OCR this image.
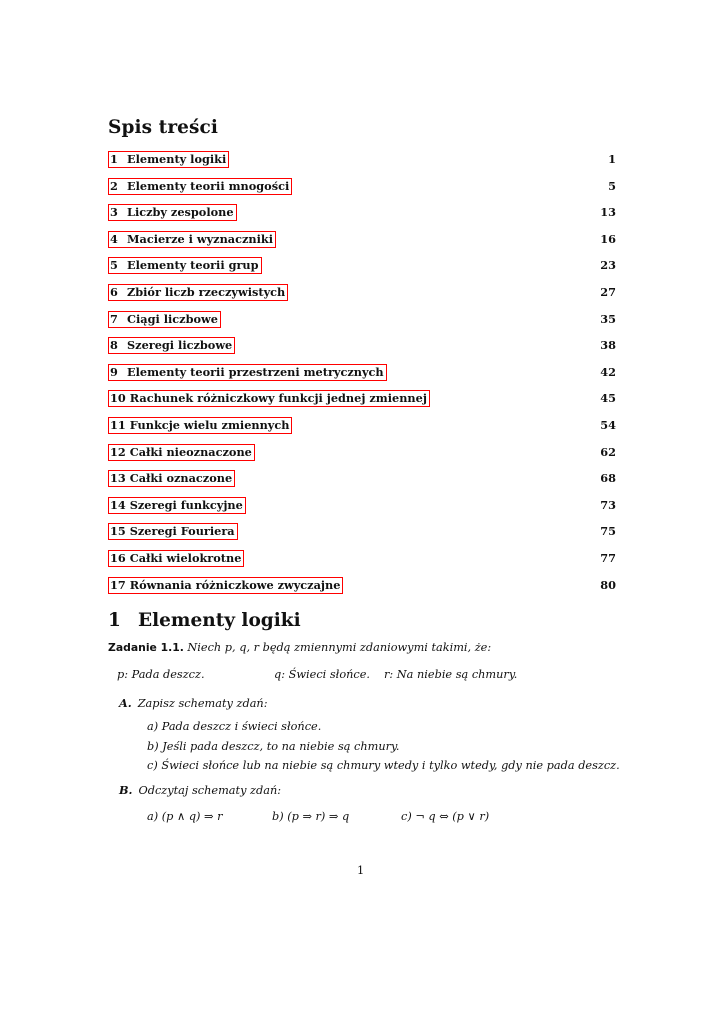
Spis treści
1 Elementy logiki	1
2 Elementy teorii mnogości	5
3 Liczby zespolone	13
4 Macierze i wyznaczniki	16
5 Elementy teorii grup	23
6 Zbiór liczb rzeczywistych	27
7 Ciągi liczbowe	35
8 Szeregi liczbowe	38
9 Elementy teorii przestrzeni metrycznych	42
10 Rachunek różniczkowy funkcji jednej zmiennej	45
11 Funkcje wielu zmiennych	54
12 Całki nieoznaczone	62
13 Całki oznaczone	68
14 Szeregi funkcyjne	73
15 Szeregi Fouriera	75
16 Całki wielokrotne	77
17 Równania różniczkowe zwyczajne	80
1 Elementy logiki
Zadanie 1.1. Niech p, q, r będą zmiennymi zdaniowymi takimi, że:
p: Pada deszcz.	q: Świeci słońce. r: Na niebie są chmury.
A. Zapisz schematy zdań:
a) Pada deszcz i świeci słońce.
b) Jeśli pada deszcz, to na niebie są chmury.
c) Świeci słońce lub na niebie są chmury wtedy i tylko wtedy, gdy nie pada deszcz.
B. Odczytaj schematy zdań:
a) (p ∧ q) ⇒ r	b) (p ⇒ r) ⇒ q	c) ¬ q ⇔ (p ∨ r)
1
